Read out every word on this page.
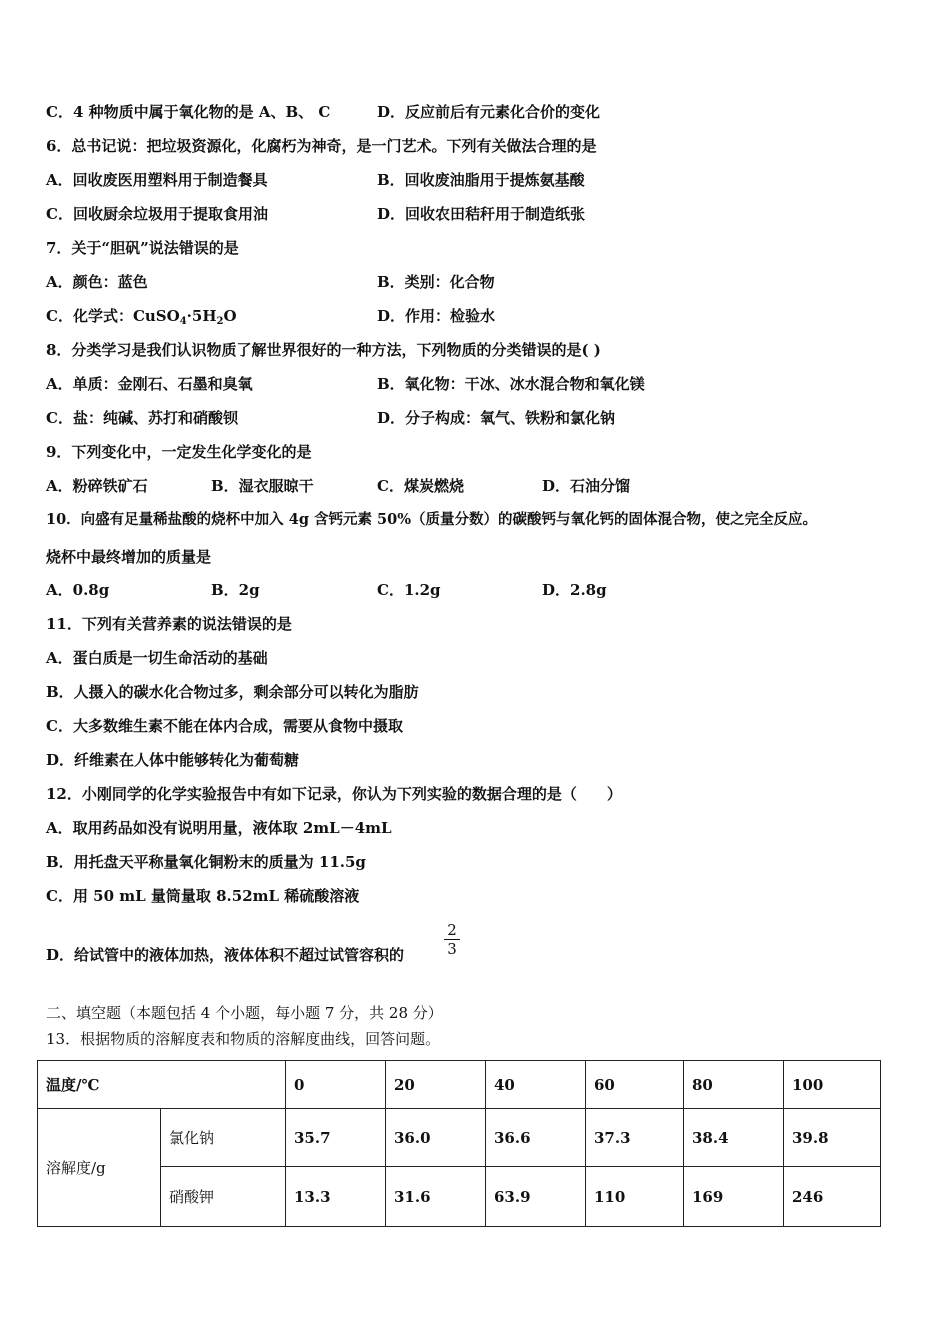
C．4 种物质中属于氧化物的是 A、B、 C	D．反应前后有元素化合价的变化
6．总书记说：把垃圾资源化，化腐朽为神奇，是一门艺术。下列有关做法合理的是
A．回收废医用塑料用于制造餐具	B．回收废油脂用于提炼氨基酸
C．回收厨余垃圾用于提取食用油	D．回收农田秸秆用于制造纸张
7．关于“胆矾”说法错误的是
A．颜色：蓝色	B．类别：化合物
C．化学式：$CuSO_4\cdot 5H_2O$	D．作用：检验水
8．分类学习是我们认识物质了解世界很好的一种方法，下列物质的分类错误的是( )
A．单质：金刚石、石墨和臭氧	B．氧化物：干冰、冰水混合物和氧化镁
C．盐：纯碱、苏打和硝酸钡	D．分子构成：氧气、铁粉和氯化钠
9．下列变化中，一定发生化学变化的是
A．粉碎铁矿石	B．湿衣服晾干	C．煤炭燃烧	D．石油分馏
10．向盛有足量稀盐酸的烧杯中加入 4g 含钙元素 50%（质量分数）的碳酸钙与氧化钙的固体混合物，使之完全反应。
烧杯中最终增加的质量是
A．0.8g	B．2g	C．1.2g	D．2.8g
11．下列有关营养素的说法错误的是
A．蛋白质是一切生命活动的基础
B．人摄入的碳水化合物过多，剩余部分可以转化为脂肪
C．大多数维生素不能在体内合成，需要从食物中摄取
D．纤维素在人体中能够转化为葡萄糖
12．小刚同学的化学实验报告中有如下记录，你认为下列实验的数据合理的是（　　）
A．取用药品如没有说明用量，液体取 2mL－4mL
B．用托盘天平称量氧化铜粉末的质量为 11.5g
C．用 50 mL 量筒量取 8.52mL 稀硫酸溶液
D．给试管中的液体加热，液体体积不超过试管容积的
2
3
二、填空题（本题包括 4 个小题，每小题 7 分，共 28 分）
13．根据物质的溶解度表和物质的溶解度曲线，回答问题。
温度/℃		0	20	40	60	80	100
溶解度/g	氯化钠	35.7	36.0	36.6	37.3	38.4	39.8
	硝酸钾	13.3	31.6	63.9	110	169	246
